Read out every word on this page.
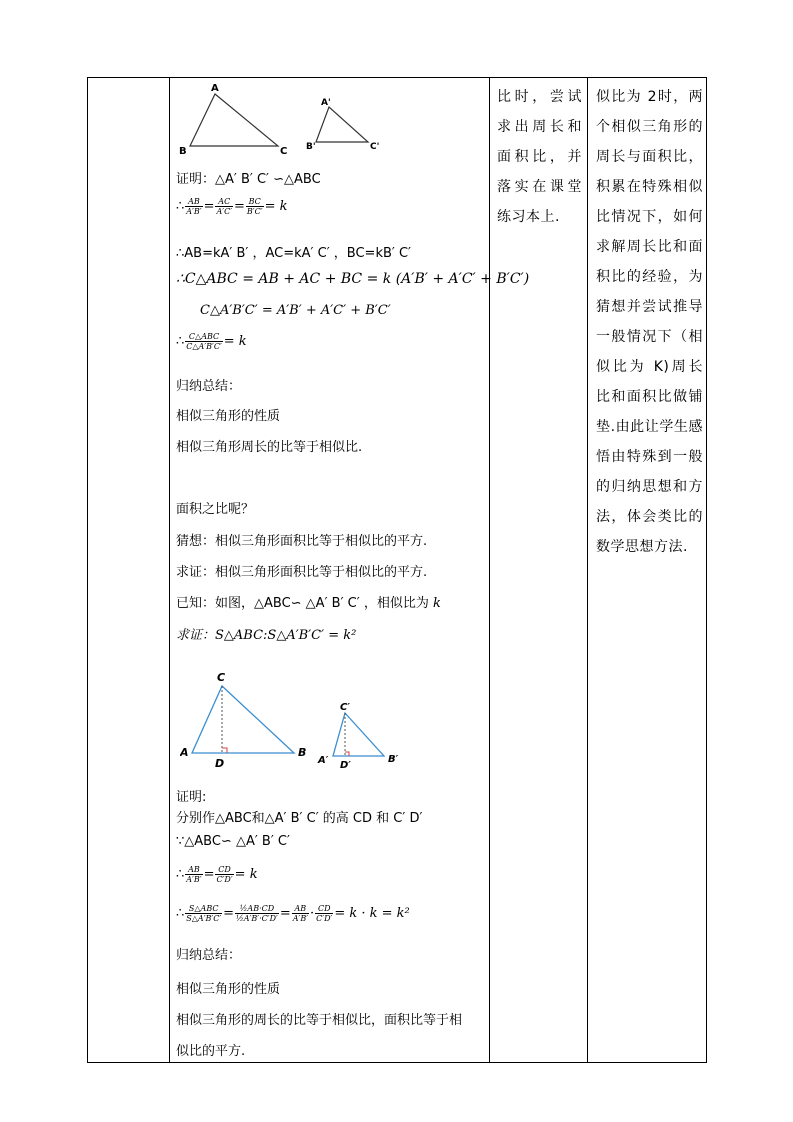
A
B	C
A'
B'	C'
证明：△A′ B′ C′ ∽△ABC
∴ $\frac{AB}{A'B'} = \frac{AC}{A'C'} = \frac{BC}{B'C'} = k$
∴AB=kA′ B′ ，AC=kA′ C′ ，BC=kB′ C′
∴C△ABC = AB + AC + BC = k (A′B′ + A′C′ + B′C′)
C△A′B′C′ = A′B′ + A′C′ + B′C′
∴ $\frac{\text{C△ABC}}{C\triangle A'B'C'} = k$
归纳总结：
相似三角形的性质
相似三角形周长的比等于相似比.
面积之比呢？
猜想：相似三角形面积比等于相似比的平方.
求证：相似三角形面积比等于相似比的平方.
已知：如图，△ABC∽ △A′ B′ C′ ，相似比为 k
求证：S△ABC:S△A′B′C′ = k²
C
A
D
B
C′
A′ D′
B′
证明:
分别作△ABC和△A′ B′ C′ 的高 CD 和 C′ D′
∵△ABC∽ △A′ B′ C′
∴ $\frac{AB}{A'B'} = \frac{CD}{C'D'} = k$
∴ $\frac{\text{S△ABC}}{S\triangle A'B'C'} = \frac{\text{½AB·CD}}{\text{½A′B′·C′D′}} = \frac{AB}{A'B'} \cdot \frac{CD}{C'D'} = k \cdot k = k^2$
归纳总结：
相似三角形的性质
相似三角形的周长的比等于相似比，面积比等于相
似比的平方.

比时，尝试求出周长和面积比，并落实在课堂练习本上.

似比为 2时，两个相似三角形的周长与面积比，积累在特殊相似比情况下，如何求解周长比和面积比的经验，为猜想并尝试推导一般情况下（相似比为 K)周长比和面积比做铺垫.由此让学生感悟由特殊到一般的归纳思想和方法，体会类比的数学思想方法.
